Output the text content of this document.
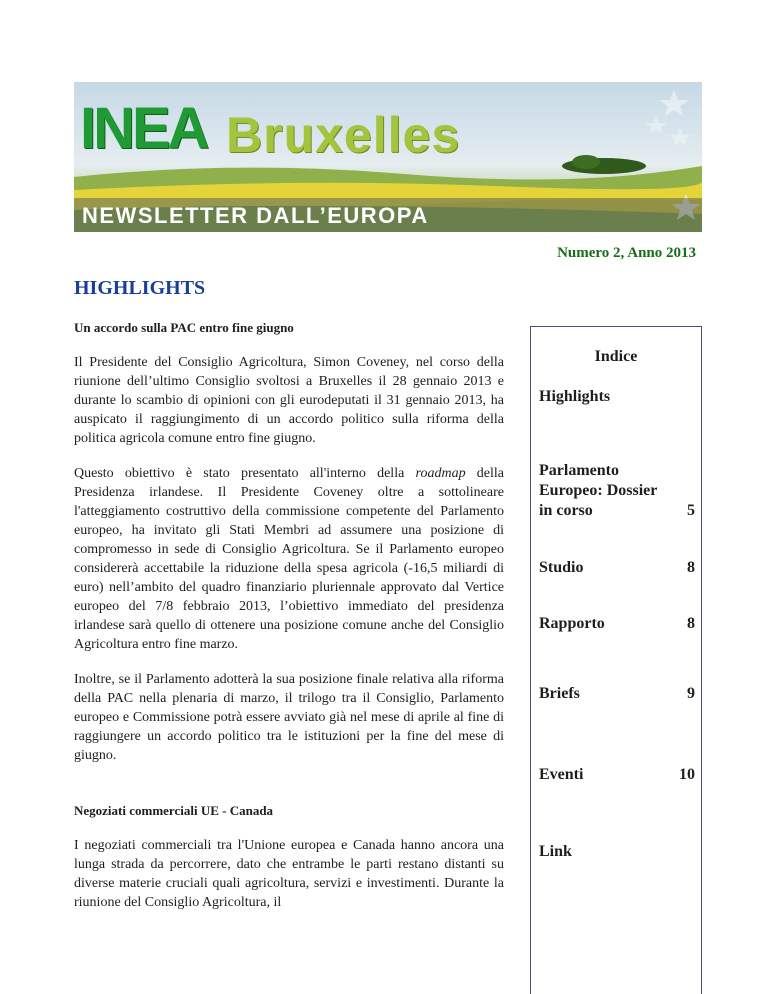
INEA Bruxelles
NEWSLETTER DALL’EUROPA
Numero 2, Anno 2013
HIGHLIGHTS
Un accordo sulla PAC entro fine giugno

Il Presidente del Consiglio Agricoltura, Simon Coveney, nel corso della riunione dell’ultimo Consiglio svoltosi a Bruxelles il 28 gennaio 2013 e durante lo scambio di opinioni con gli eurodeputati il 31 gennaio 2013, ha auspicato il raggiungimento di un accordo politico sulla riforma della politica agricola comune entro fine giugno.

Questo obiettivo è stato presentato all'interno della roadmap della Presidenza irlandese. Il Presidente Coveney oltre a sottolineare l'atteggiamento costruttivo della commissione competente del Parlamento europeo, ha invitato gli Stati Membri ad assumere una posizione di compromesso in sede di Consiglio Agricoltura. Se il Parlamento europeo considererà accettabile la riduzione della spesa agricola (-16,5 miliardi di euro) nell’ambito del quadro finanziario pluriennale approvato dal Vertice europeo del 7/8 febbraio 2013, l’obiettivo immediato del presidenza irlandese sarà quello di ottenere una posizione comune anche del Consiglio Agricoltura entro fine marzo.

Inoltre, se il Parlamento adotterà la sua posizione finale relativa alla riforma della PAC nella plenaria di marzo, il trilogo tra il Consiglio, Parlamento europeo e Commissione potrà essere avviato già nel mese di aprile al fine di raggiungere un accordo politico tra le istituzioni per la fine del mese di giugno.

Negoziati commerciali UE - Canada

I negoziati commerciali tra l'Unione europea e Canada hanno ancora una lunga strada da percorrere, dato che entrambe le parti restano distanti su diverse materie cruciali quali agricoltura, servizi e investimenti. Durante la riunione del Consiglio Agricoltura, il

Indice
Highlights
Parlamento Europeo: Dossier in corso	5
Studio	8
Rapporto	8
Briefs	9
Eventi	10
Link
